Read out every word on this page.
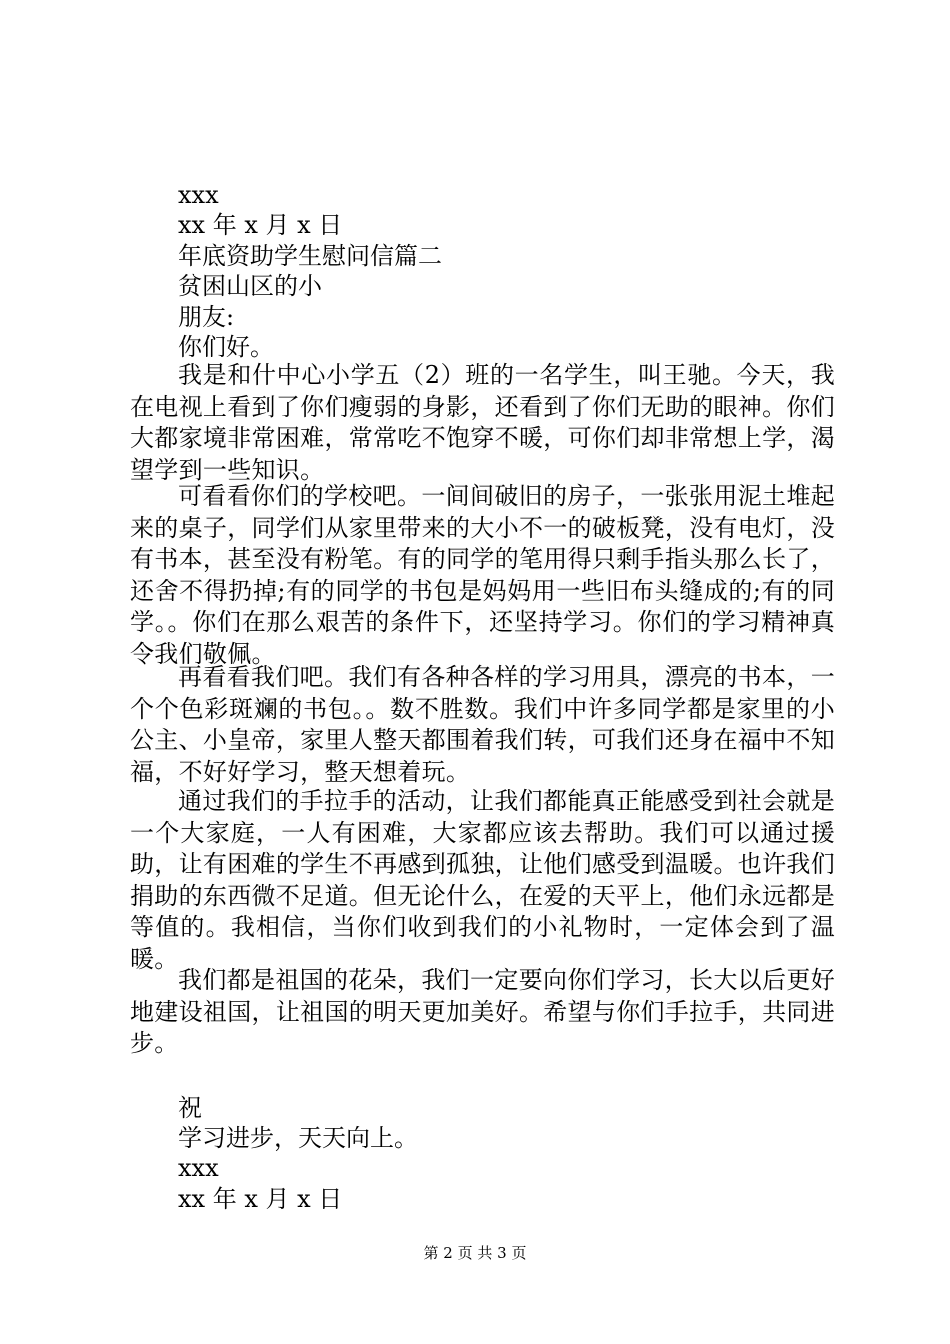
xxx
xx 年 x 月 x 日
年底资助学生慰问信篇二
贫困山区的小
朋友:
你们好。
我是和什中心小学五（2）班的一名学生，叫王驰。今天，我在电视上看到了你们瘦弱的身影，还看到了你们无助的眼神。你们大都家境非常困难，常常吃不饱穿不暖，可你们却非常想上学，渴望学到一些知识。
可看看你们的学校吧。一间间破旧的房子，一张张用泥土堆起来的桌子，同学们从家里带来的大小不一的破板凳，没有电灯，没有书本，甚至没有粉笔。有的同学的笔用得只剩手指头那么长了，还舍不得扔掉;有的同学的书包是妈妈用一些旧布头缝成的;有的同学。。你们在那么艰苦的条件下，还坚持学习。你们的学习精神真令我们敬佩。
再看看我们吧。我们有各种各样的学习用具，漂亮的书本，一个个色彩斑斓的书包。。数不胜数。我们中许多同学都是家里的小公主、小皇帝，家里人整天都围着我们转，可我们还身在福中不知福，不好好学习，整天想着玩。
通过我们的手拉手的活动，让我们都能真正能感受到社会就是一个大家庭，一人有困难，大家都应该去帮助。我们可以通过援助，让有困难的学生不再感到孤独，让他们感受到温暖。也许我们捐助的东西微不足道。但无论什么，在爱的天平上，他们永远都是等值的。我相信，当你们收到我们的小礼物时，一定体会到了温暖。
我们都是祖国的花朵，我们一定要向你们学习，长大以后更好地建设祖国，让祖国的明天更加美好。希望与你们手拉手，共同进步。
祝
学习进步，天天向上。
xxx
xx 年 x 月 x 日
第 2 页 共 3 页
